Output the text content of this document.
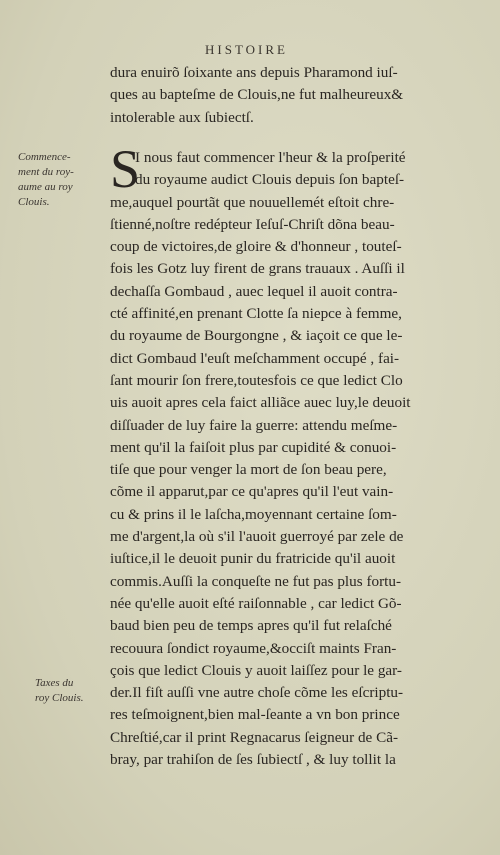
HISTOIRE
dura enuirõ ſoixante ans depuis Pharamond iuſ-
ques au bapteſme de Clouis,ne fut malheureux&
intolerable aux ſubiectſ.
S
I nous faut commencer l'heur & la proſperité
du royaume audict Clouis depuis ſon bapteſ-
me,auquel pourtãt que nouuellemét eſtoit chre-
ſtienné,noſtre redépteur Ieſuſ-Chriſt dõna beau-
coup de victoires,de gloire & d'honneur , touteſ-
fois les Gotz luy firent de grans trauaux . Auſſi il
dechaſſa Gombaud , auec lequel il auoit contra-
cté affinité,en prenant Clotte ſa niepce à femme,
du royaume de Bourgongne , & iaçoit ce que le-
dict Gombaud l'euſt meſchamment occupé , fai-
ſant mourir ſon frere,toutesfois ce que ledict Clo
uis auoit apres cela faict alliãce auec luy,le deuoit
diſſuader de luy faire la guerre: attendu meſme-
ment qu'il la faiſoit plus par cupidité & conuoi-
tiſe que pour venger la mort de ſon beau pere,
cõme il apparut,par ce qu'apres qu'il l'eut vain-
cu & prins il le laſcha,moyennant certaine ſom-
me d'argent,la où s'il l'auoit guerroyé par zele de
iuſtice,il le deuoit punir du fratricide qu'il auoit
commis.Auſſi la conqueſte ne fut pas plus fortu-
née qu'elle auoit eſté raiſonnable , car ledict Gõ-
baud bien peu de temps apres qu'il fut relaſché
recouura ſondict royaume,&occiſt maints Fran-
çois que ledict Clouis y auoit laiſſez pour le gar-
der.Il fiſt auſſi vne autre choſe cõme les eſcriptu-
res teſmoignent,bien mal-ſeante a vn bon prince
Chreſtié,car il print Regnacarus ſeigneur de Cã-
bray, par trahiſon de ſes ſubiectſ , & luy tollit la
Commence-
ment du roy-
aume au roy
Clouis.
Taxes du
roy Clouis.
